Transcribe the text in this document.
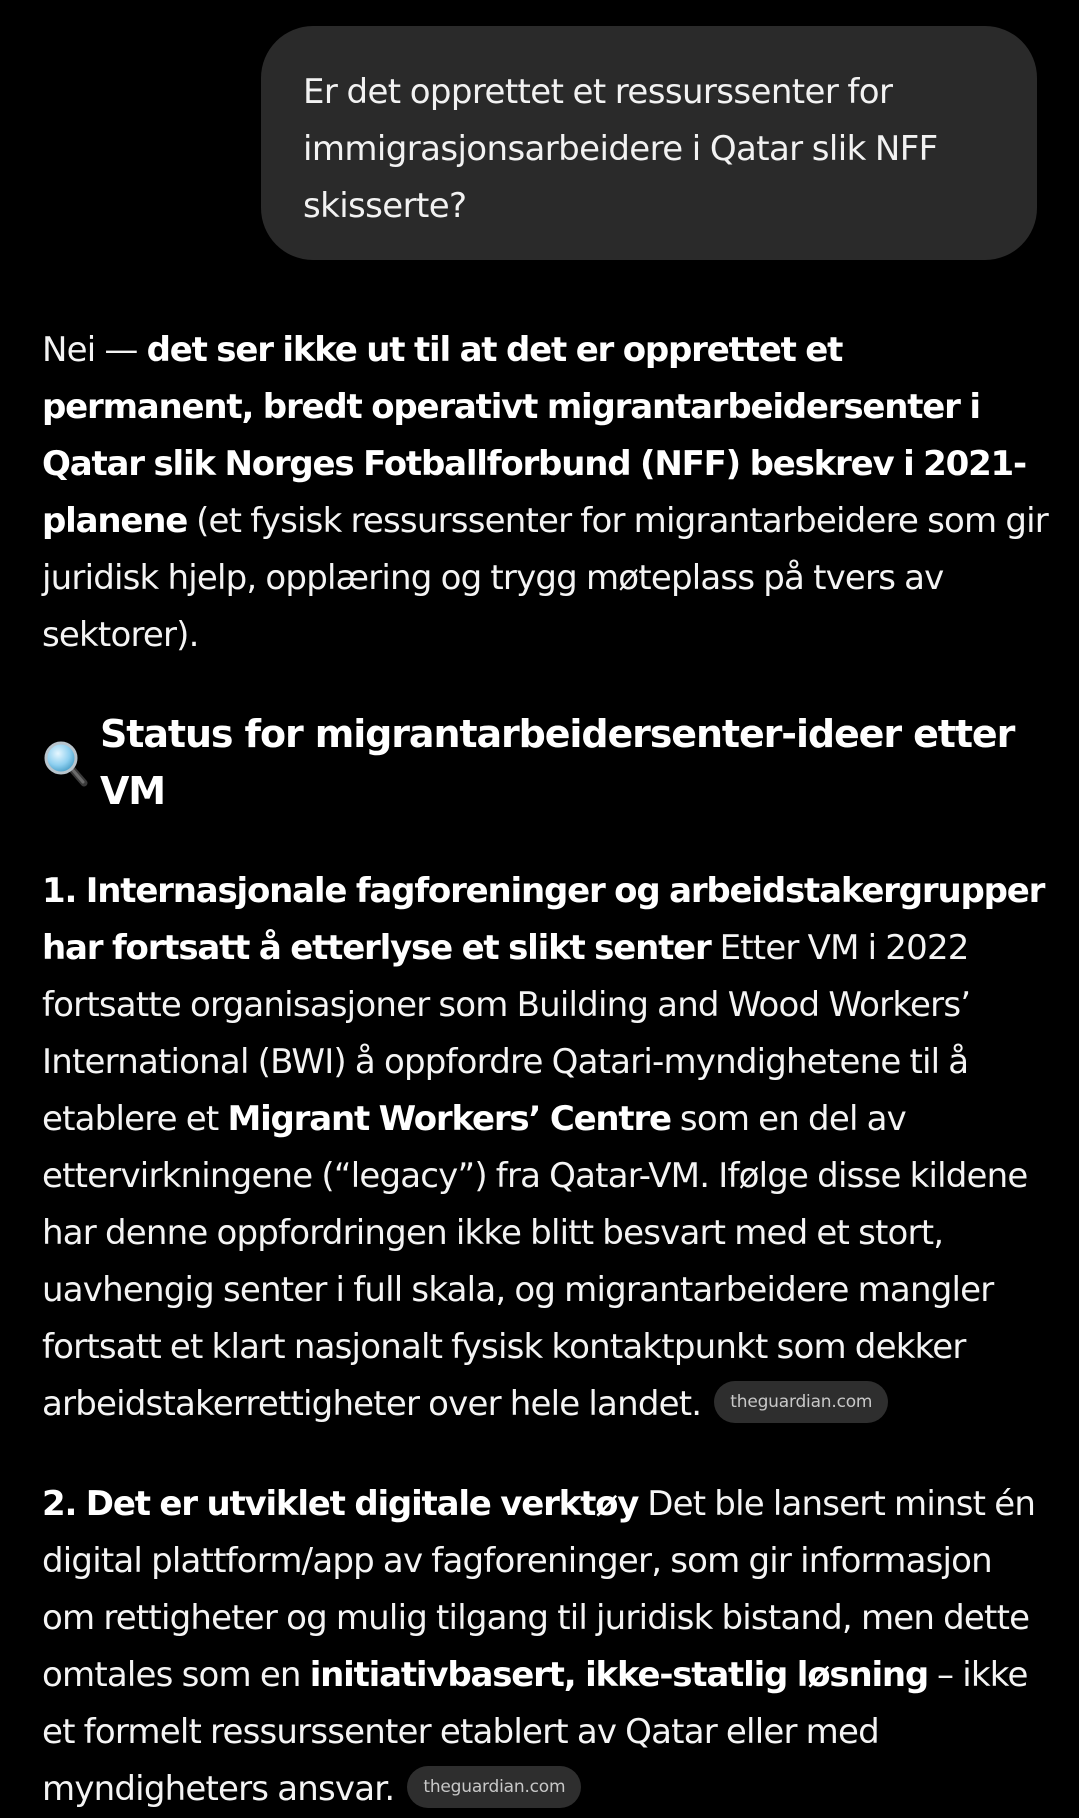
Er det opprettet et ressurssenter for immigrasjonsarbeidere i Qatar slik NFF skisserte?

Nei — det ser ikke ut til at det er opprettet et permanent, bredt operativt migrantarbeidersenter i Qatar slik Norges Fotballforbund (NFF) beskrev i 2021-planene (et fysisk ressurssenter for migrantarbeidere som gir juridisk hjelp, opplæring og trygg møteplass på tvers av sektorer).

Status for migrantarbeidersenter-ideer etter VM

1. Internasjonale fagforeninger og arbeidstakergrupper har fortsatt å etterlyse et slikt senter Etter VM i 2022 fortsatte organisasjoner som Building and Wood Workers’ International (BWI) å oppfordre Qatari-myndighetene til å etablere et Migrant Workers’ Centre som en del av ettervirkningene (“legacy”) fra Qatar-VM. Ifølge disse kildene har denne oppfordringen ikke blitt besvart med et stort, uavhengig senter i full skala, og migrantarbeidere mangler fortsatt et klart nasjonalt fysisk kontaktpunkt som dekker arbeidstakerrettigheter over hele landet. theguardian.com

2. Det er utviklet digitale verktøy Det ble lansert minst én digital plattform/app av fagforeninger, som gir informasjon om rettigheter og mulig tilgang til juridisk bistand, men dette omtales som en initiativbasert, ikke-statlig løsning – ikke et formelt ressurssenter etablert av Qatar eller med myndigheters ansvar. theguardian.com
